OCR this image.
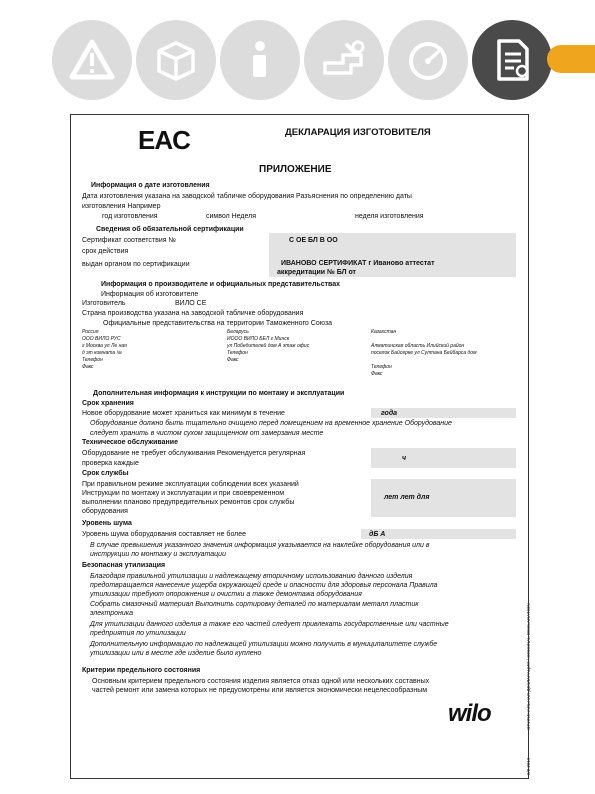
EAC	ДЕКЛАРАЦИЯ ИЗГОТОВИТЕЛЯ
ПРИЛОЖЕНИЕ
Информация о дате изготовления
Дата изготовления указана на заводской табличке оборудования Разъяснения по определению даты
изготовления Например
год изготовления	символ Неделя	неделя изготовления
Сведения об обязательной сертификации
Сертификат соответствия №	С ОЕ БЛ В ОО
срок действия
выдан органом по сертификации	ИВАНОВО СЕРТИФИКАТ г Иваново аттестат
аккредитации № БЛ от
Информация о производителе и официальных представительствах
Информация об изготовителе
Изготовитель	ВИЛО СЕ
Страна производства указана на заводской табличке оборудования
Официальные представительства на территории Таможенного Союза
Россия
ООО ВИЛО РУС
г Москва ул Ле ная
д эт комната №
Телефон
Факс
Беларусь
ИООО ВИЛО БЕЛ г Минск
ул Победителей дом А этаж офис
Телефон
Факс
Казахстан

Алматинская область Илийский район
поселок Байсерке ул Султана Бейбарса дом

Телефон
Факс
Дополнительная информация к инструкции по монтажу и эксплуатации
Срок хранения
Новое оборудование может храниться как минимум в течение	года
Оборудование должно быть тщательно очищено перед помещением на временное хранение Оборудование
следует хранить в чистом сухом защищенном от замерзания месте
Техническое обслуживание
Оборудование не требует обслуживания Рекомендуется регулярная
проверка каждые
ч
Срок службы
При правильном режиме эксплуатации соблюдении всех указаний
Инструкции по монтажу и эксплуатации и при своевременном
выполнении планово предупредительных ремонтов срок службы
оборудования
лет лет для
Уровень шума
Уровень шума оборудования составляет не более	дБ А
В случае превышения указанного значения информация указывается на наклейке оборудования или в
инструкции по монтажу и эксплуатации
Безопасная утилизация
Благодаря правильной утилизации и надлежащему вторичному использованию данного изделия
предотвращается нанесение ущерба окружающей среде и опасности для здоровья персонала Правила
утилизации требуют опорожнения и очистки а также демонтажа оборудования
Собрать смазочный материал Выполнить сортировку деталей по материалам металл пластик
электроника
Для утилизации данного изделия а также его частей следует привлекать государственные или частные
предприятия по утилизации
Дополнительную информацию по надлежащей утилизации можно получить в муниципалитете службе
утилизации или в месте где изделие было куплено
Критерии предельного состояния
Основным критерием предельного состояния изделия является отказ одной или нескольких составных
частей ремонт или замена которых не предусмотрены или является экономически нецелесообразным	ОРИГИНАЛЬНАЯ ДЕКЛАРАЦИЯ / ORIGINAL DECLARATION
2/2 2019
wilo
